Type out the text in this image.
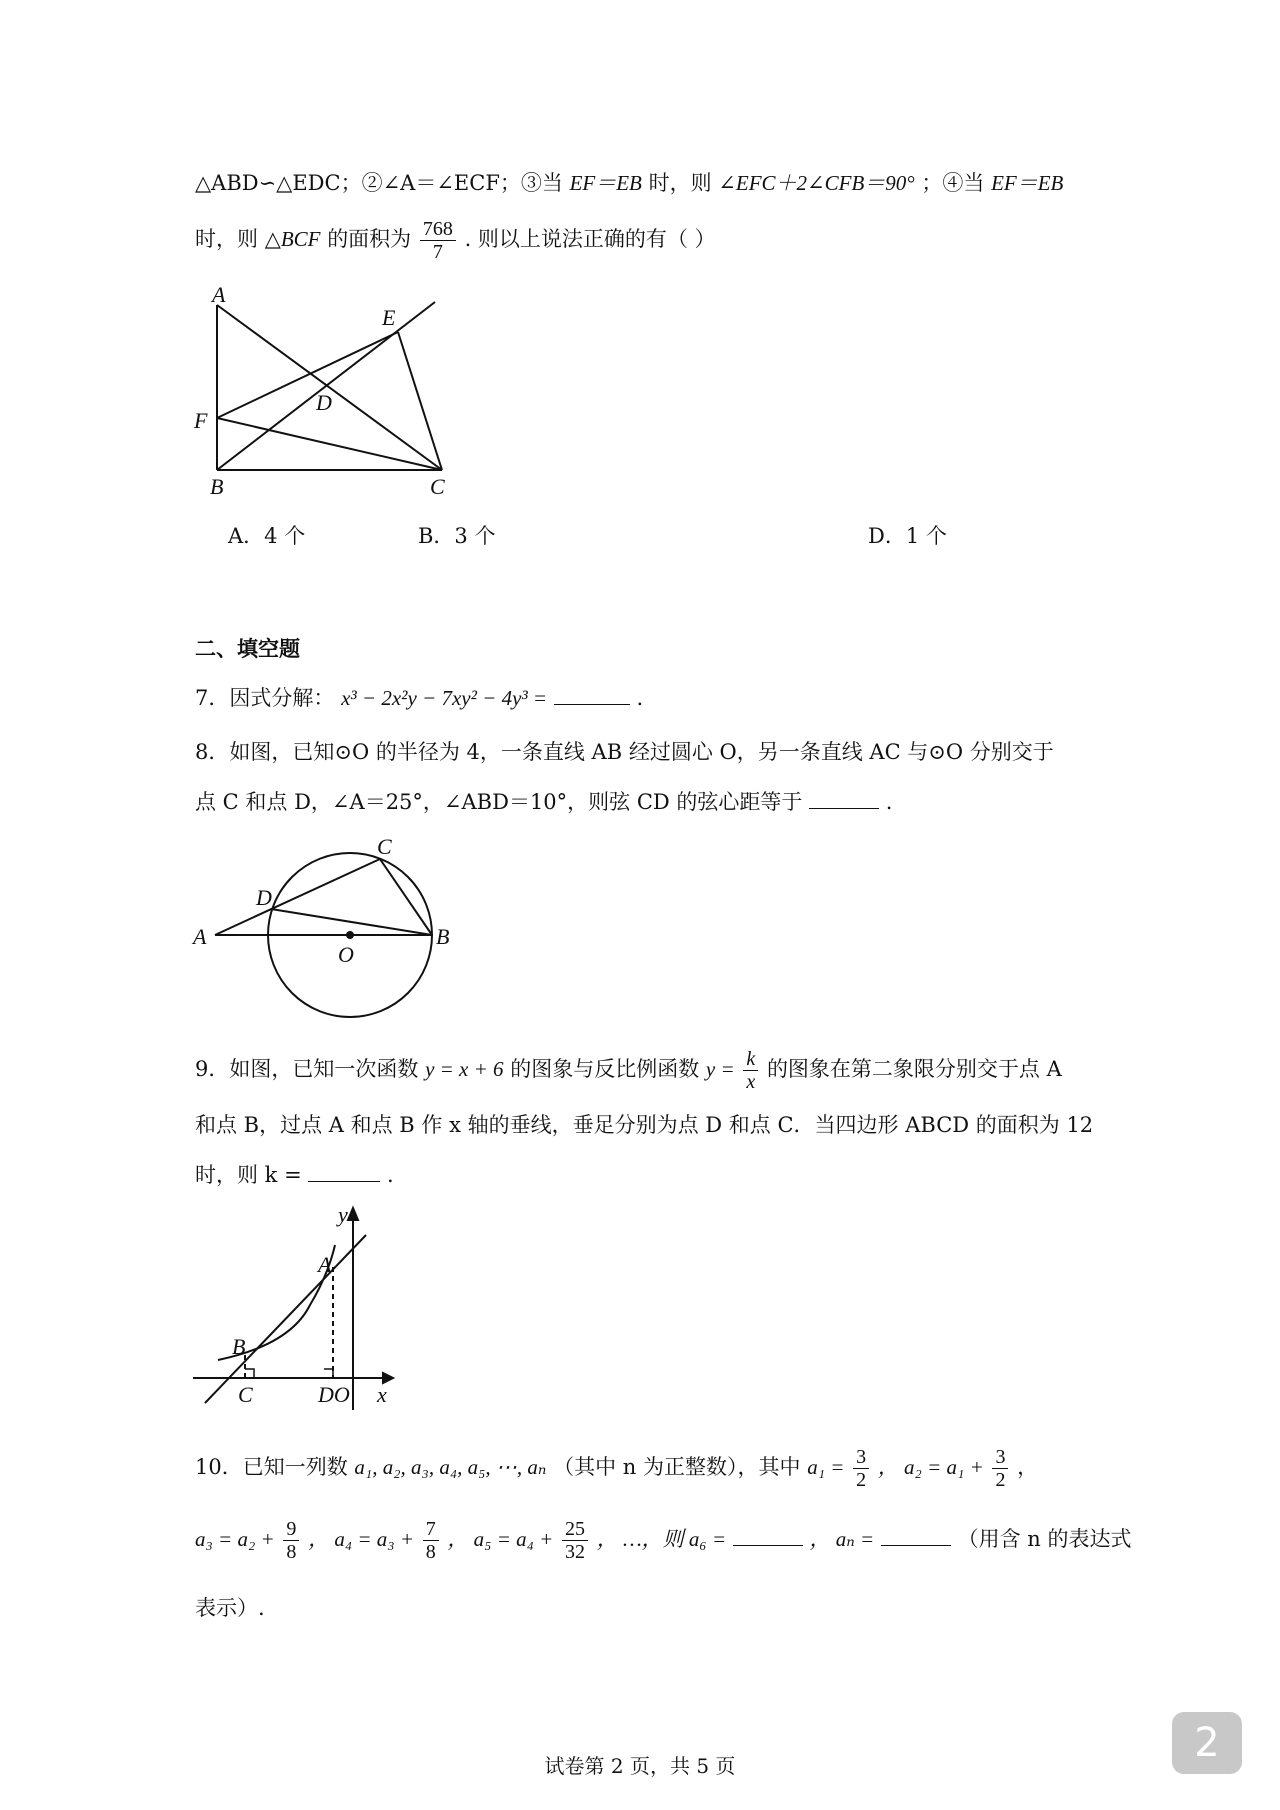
△ABD∽△EDC；②∠A＝∠ECF；③当 EF＝EB 时，则 ∠EFC＋2∠CFB＝90° ；④当 EF＝EB
时，则 △BCF 的面积为 $\frac{768}{7}$ . 则以上说法正确的有（ ）
A
E
D
F
B	C
A．4 个	B．3 个	D．1 个
二、填空题
7．因式分解： x³ − 2x²y − 7xy² − 4y³ =	.
8．如图，已知⊙O 的半径为 4，一条直线 AB 经过圆心 O，另一条直线 AC 与⊙O 分别交于
点 C 和点 D，∠A＝25°，∠ABD＝10°，则弦 CD 的弦心距等于	.
C
D
A
O
B
9．如图，已知一次函数 y = x + 6 的图象与反比例函数 $y = \frac{k}{x}$ 的图象在第二象限分别交于点 A
和点 B，过点 A 和点 B 作 x 轴的垂线，垂足分别为点 D 和点 C．当四边形 ABCD 的面积为 12
时，则 k =	.
y
A
B
C	DO x
10．已知一列数 a₁, a₂, a₃, a₄, a₅, ⋯, aₙ （其中 n 为正整数），其中 $a_1 = \frac{3}{2}$ ， $a_2 = a_1 + \frac{3}{2}$ ，
$a_3 = a_2 + \frac{9}{8}$ ， $a_4 = a_3 + \frac{7}{8}$ ， $a_5 = a_4 + \frac{25}{32}$ ， …，则 a₆ =	， aₙ =	（用含 n 的表达式
表示）.
试卷第 2 页，共 5 页	2
